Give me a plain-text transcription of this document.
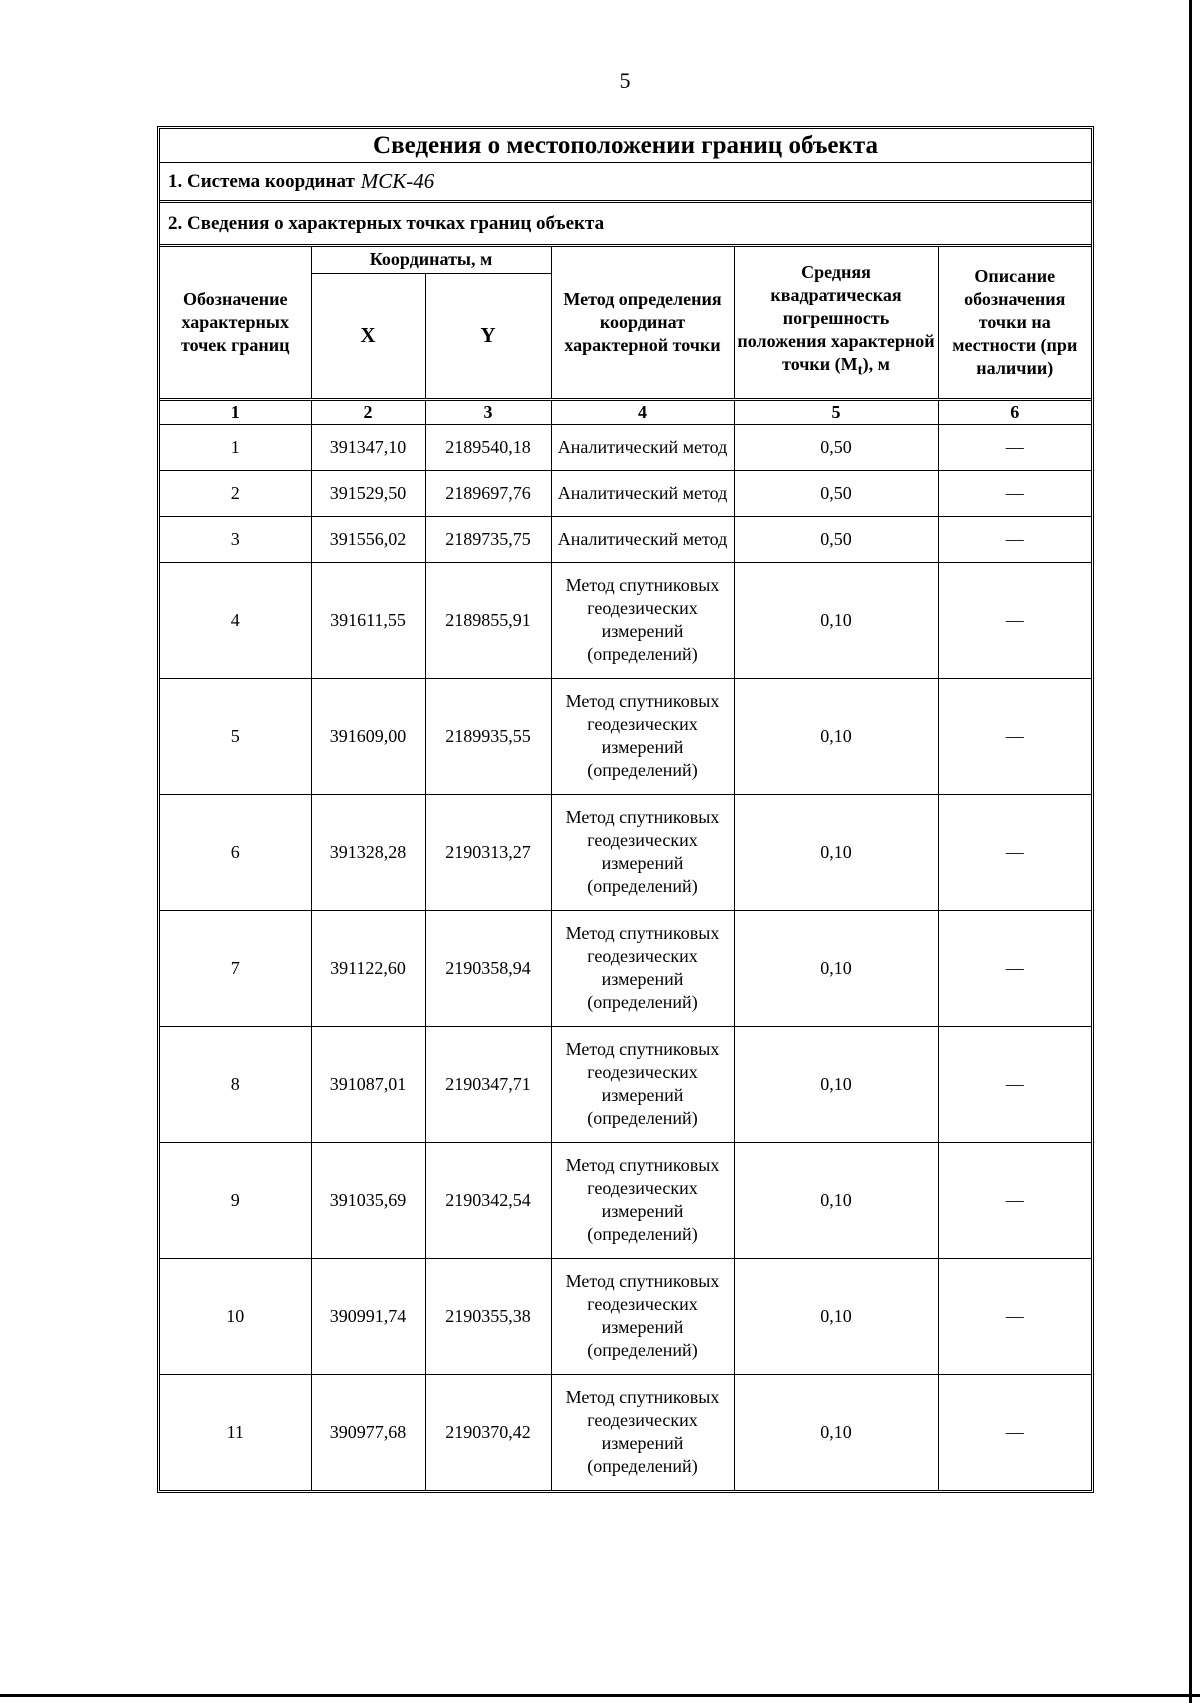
5
Сведения о местоположении границ объекта
1. Система координат МСК-46
2. Сведения о характерных точках границ объекта
Обозначение характерных точек границ	Координаты, м		Метод определения координат характерной точки	Средняя квадратическая погрешность положения характерной точки $(M_t)$, м	Описание обозначения точки на местности (при наличии)
	X	Y			
1	2	3	4	5	6
1	391347,10	2189540,18	Аналитический метод	0,50	—
2	391529,50	2189697,76	Аналитический метод	0,50	—
3	391556,02	2189735,75	Аналитический метод	0,50	—
4	391611,55	2189855,91	Метод спутниковых геодезических измерений (определений)	0,10	—
5	391609,00	2189935,55	Метод спутниковых геодезических измерений (определений)	0,10	—
6	391328,28	2190313,27	Метод спутниковых геодезических измерений (определений)	0,10	—
7	391122,60	2190358,94	Метод спутниковых геодезических измерений (определений)	0,10	—
8	391087,01	2190347,71	Метод спутниковых геодезических измерений (определений)	0,10	—
9	391035,69	2190342,54	Метод спутниковых геодезических измерений (определений)	0,10	—
10	390991,74	2190355,38	Метод спутниковых геодезических измерений (определений)	0,10	—
11	390977,68	2190370,42	Метод спутниковых геодезических измерений (определений)	0,10	—
